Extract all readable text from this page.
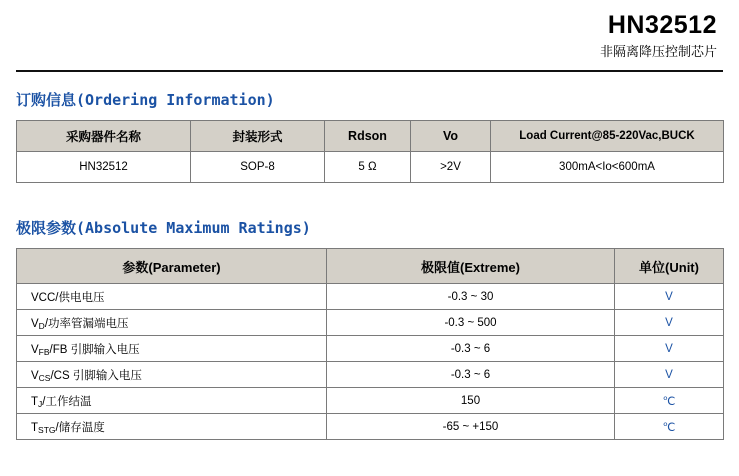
HN32512
非隔离降压控制芯片
订购信息(Ordering Information)
采购器件名称	封装形式	Rdson	Vo	Load Current@85-220Vac,BUCK
HN32512	SOP-8	5 Ω	>2V	300mA<Io<600mA
极限参数(Absolute Maximum Ratings)
参数(Parameter)	极限值(Extreme)	单位(Unit)
VCC/供电电压	-0.3 ~ 30	V
$V_D/$功率管漏端电压	-0.3 ~ 500	V
$V_{FB}/FB$ 引脚输入电压	-0.3 ~ 6	V
$V_{CS}/CS$ 引脚输入电压	-0.3 ~ 6	V
$T_J/$工作结温	150	℃
$T_{STG}/$储存温度	-65 ~ +150	℃
